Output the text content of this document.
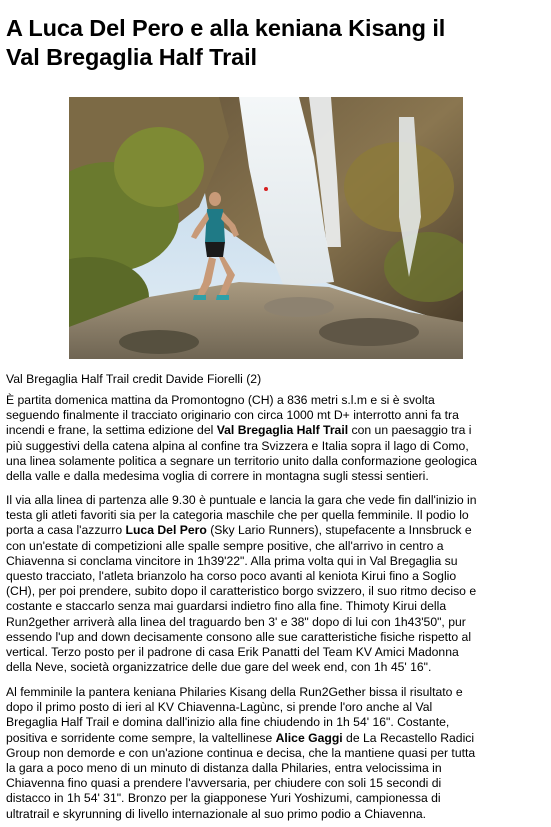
A Luca Del Pero e alla keniana Kisang il
Val Bregaglia Half Trail

Val Bregaglia Half Trail credit Davide Fiorelli (2)

È partita domenica mattina da Promontogno (CH) a 836 metri s.l.m e si è svolta
seguendo finalmente il tracciato originario con circa 1000 mt D+ interrotto anni fa tra
incendi e frane, la settima edizione del Val Bregaglia Half Trail con un paesaggio tra i
più suggestivi della catena alpina al confine tra Svizzera e Italia sopra il lago di Como,
una linea solamente politica a segnare un territorio unito dalla conformazione geologica
della valle e dalla medesima voglia di correre in montagna sugli stessi sentieri.

Il via alla linea di partenza alle 9.30 è puntuale e lancia la gara che vede fin dall'inizio in
testa gli atleti favoriti sia per la categoria maschile che per quella femminile. Il podio lo
porta a casa l'azzurro Luca Del Pero (Sky Lario Runners), stupefacente a Innsbruck e
con un'estate di competizioni alle spalle sempre positive, che all'arrivo in centro a
Chiavenna si conclama vincitore in 1h39'22". Alla prima volta qui in Val Bregaglia su
questo tracciato, l'atleta brianzolo ha corso poco avanti al keniota Kirui fino a Soglio
(CH), per poi prendere, subito dopo il caratteristico borgo svizzero, il suo ritmo deciso e
costante e staccarlo senza mai guardarsi indietro fino alla fine. Thimoty Kirui della
Run2gether arriverà alla linea del traguardo ben 3' e 38" dopo di lui con 1h43'50", pur
essendo l'up and down decisamente consono alle sue caratteristiche fisiche rispetto al
vertical. Terzo posto per il padrone di casa Erik Panatti del Team KV Amici Madonna
della Neve, società organizzatrice delle due gare del week end, con 1h 45' 16".

Al femminile la pantera keniana Philaries Kisang della Run2Gether bissa il risultato e
dopo il primo posto di ieri al KV Chiavenna-Lagùnc, si prende l'oro anche al Val
Bregaglia Half Trail e domina dall'inizio alla fine chiudendo in 1h 54' 16". Costante,
positiva e sorridente come sempre, la valtellinese Alice Gaggi de La Recastello Radici
Group non demorde e con un'azione continua e decisa, che la mantiene quasi per tutta
la gara a poco meno di un minuto di distanza dalla Philaries, entra velocissima in
Chiavenna fino quasi a prendere l'avversaria, per chiudere con soli 15 secondi di
distacco in 1h 54' 31". Bronzo per la giapponese Yuri Yoshizumi, campionessa di
ultratrail e skyrunning di livello internazionale al suo primo podio a Chiavenna.
